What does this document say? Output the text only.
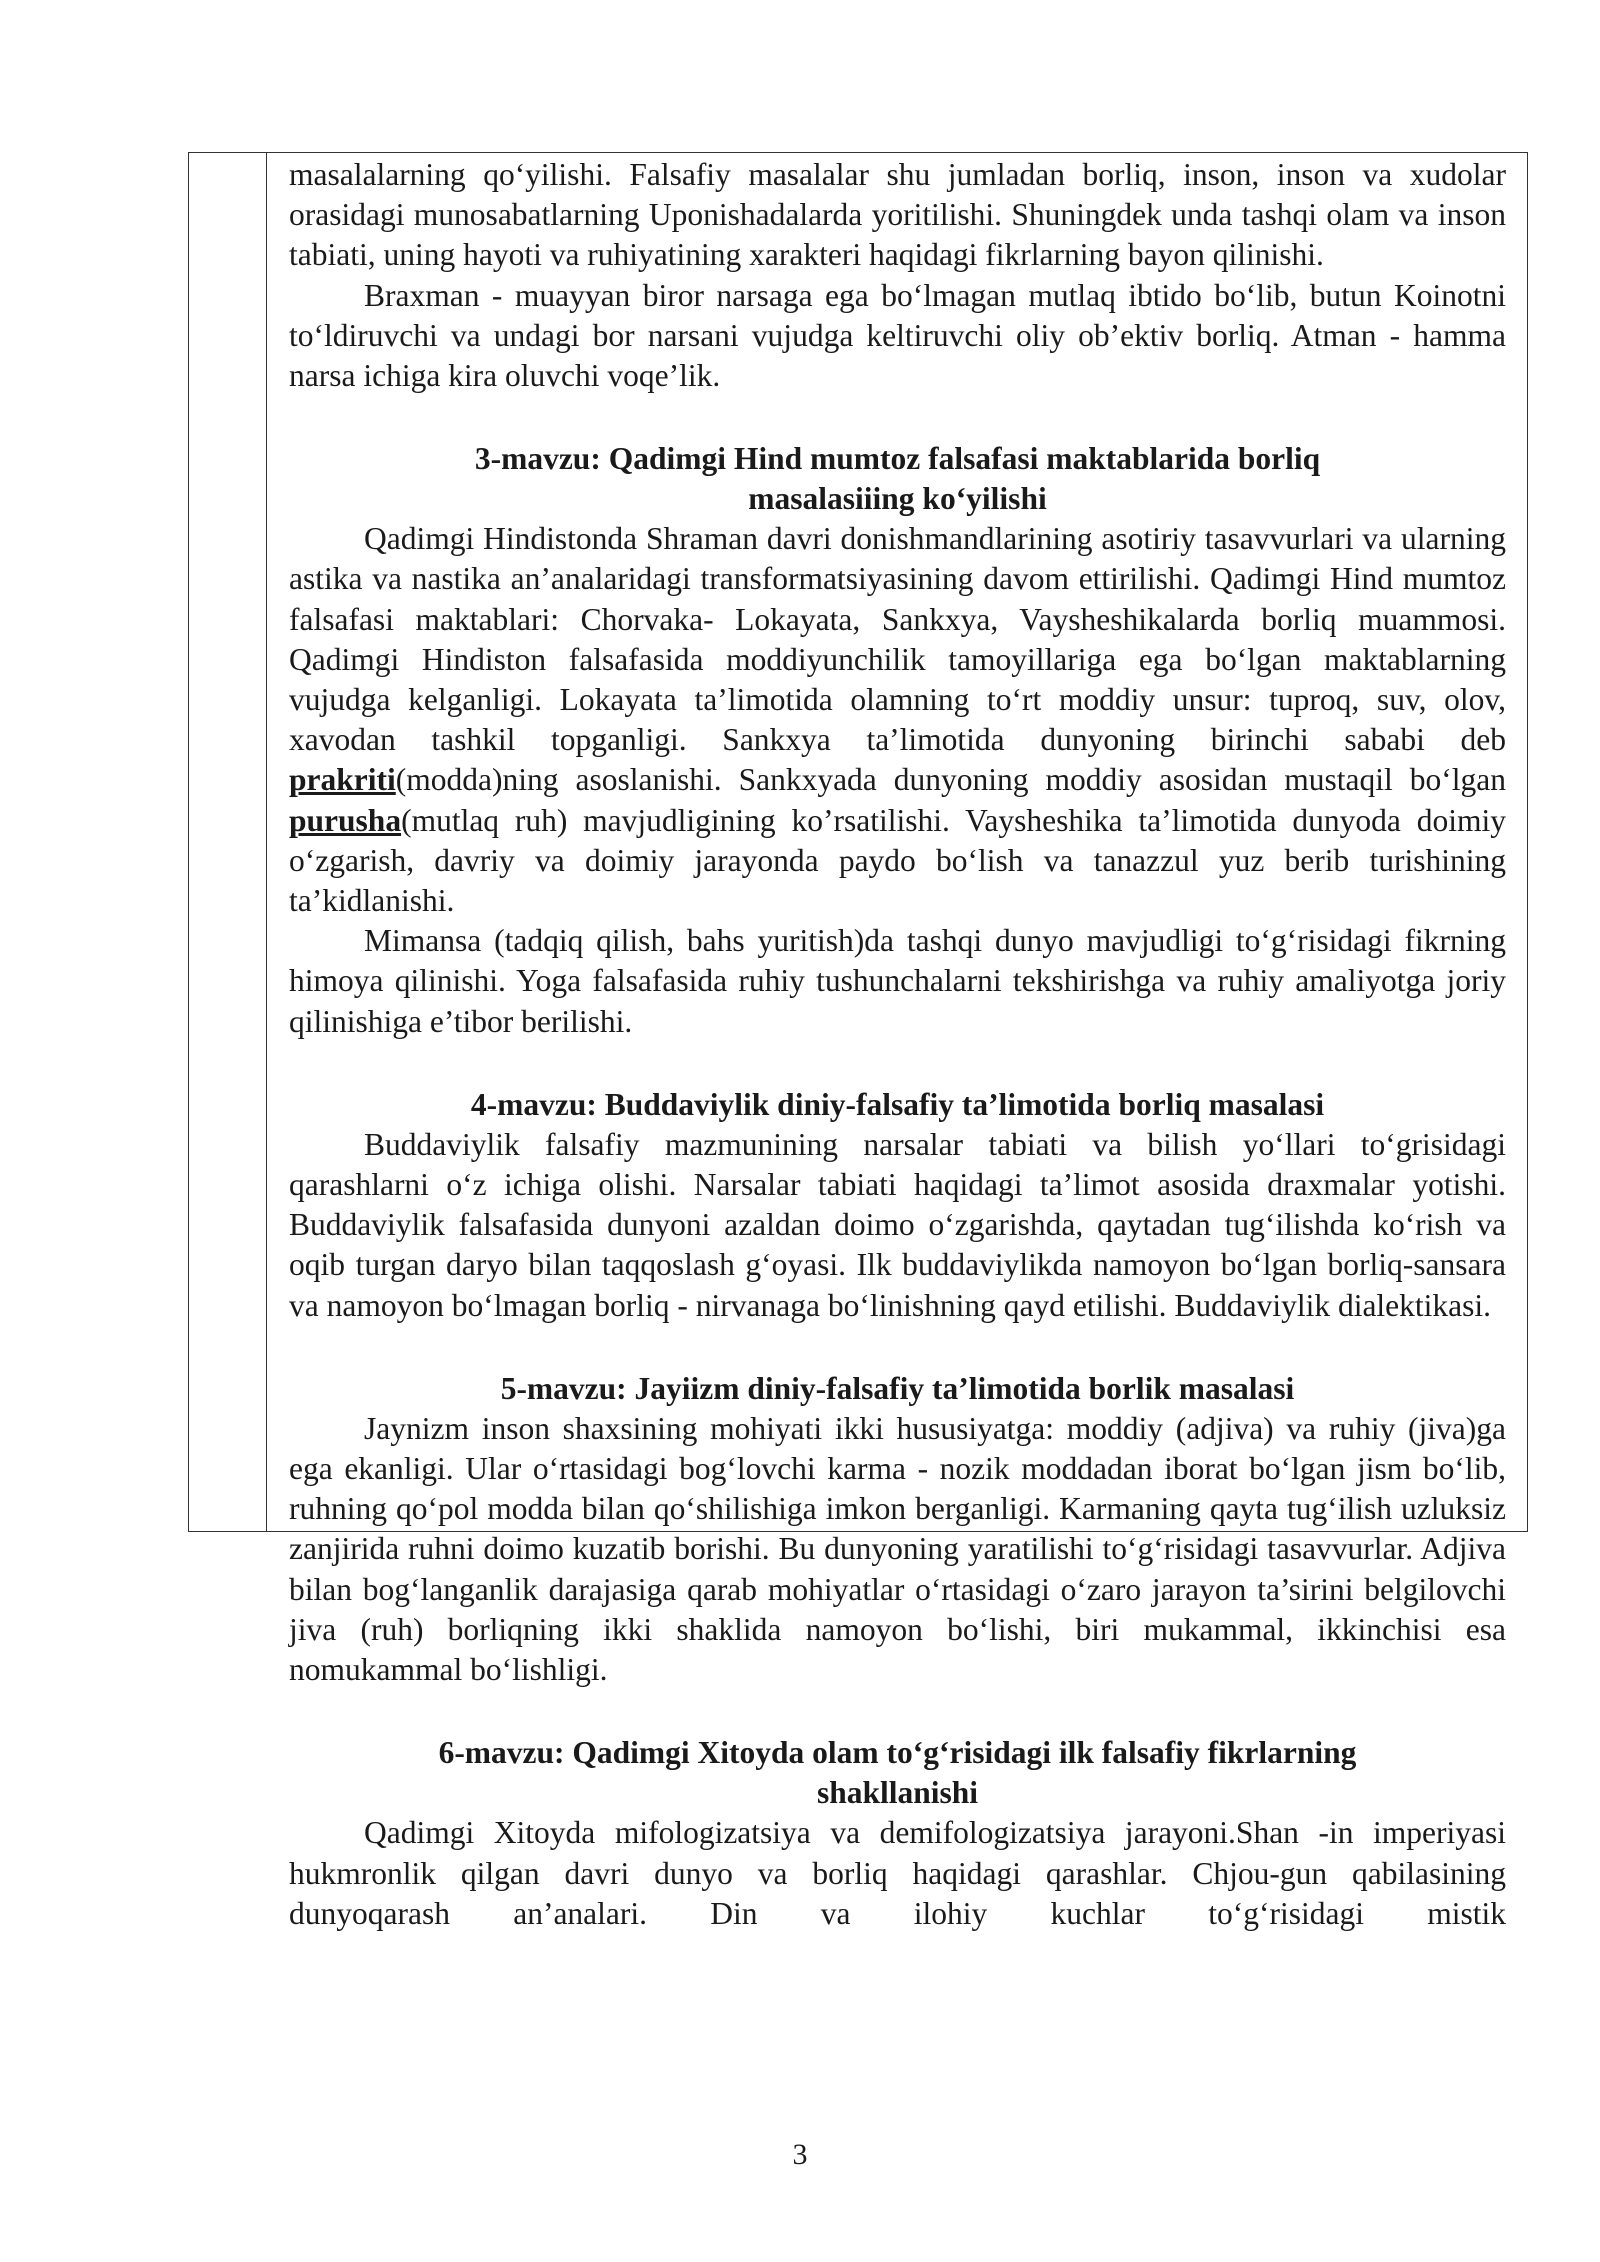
masalalarning qo‘yilishi. Falsafiy masalalar shu jumladan borliq, inson, inson va xudolar orasidagi munosabatlarning Uponishadalarda yoritilishi. Shuningdek unda tashqi olam va inson tabiati, uning hayoti va ruhiyatining xarakteri haqidagi fikrlarning bayon qilinishi.

Braxman - muayyan biror narsaga ega bo‘lmagan mutlaq ibtido bo‘lib, butun Koinotni to‘ldiruvchi va undagi bor narsani vujudga keltiruvchi oliy ob’ektiv borliq. Atman - hamma narsa ichiga kira oluvchi voqe’lik.

3-mavzu: Qadimgi Hind mumtoz falsafasi maktablarida borliq

masalasiiing ko‘yilishi

Qadimgi Hindistonda Shraman davri donishmandlarining asotiriy tasavvurlari va ularning astika va nastika an’analaridagi transformatsiyasining davom ettirilishi. Qadimgi Hind mumtoz falsafasi maktablari: Chorvaka- Lokayata, Sankxya, Vaysheshikalarda borliq muammosi. Qadimgi Hindiston falsafasida moddiyunchilik tamoyillariga ega bo‘lgan maktablarning vujudga kelganligi. Lokayata ta’limotida olamning to‘rt moddiy unsur: tuproq, suv, olov, xavodan tashkil topganligi. Sankxya ta’limotida dunyoning birinchi sababi deb prakriti(modda)ning asoslanishi. Sankxyada dunyoning moddiy asosidan mustaqil bo‘lgan purusha(mutlaq ruh) mavjudligining ko’rsatilishi. Vaysheshika ta’limotida dunyoda doimiy o‘zgarish, davriy va doimiy jarayonda paydo bo‘lish va tanazzul yuz berib turishining ta’kidlanishi.

Mimansa (tadqiq qilish, bahs yuritish)da tashqi dunyo mavjudligi to‘g‘risidagi fikrning himoya qilinishi. Yoga falsafasida ruhiy tushunchalarni tekshirishga va ruhiy amaliyotga joriy qilinishiga e’tibor berilishi.

4-mavzu: Buddaviylik diniy-falsafiy ta’limotida borliq masalasi

Buddaviylik falsafiy mazmunining narsalar tabiati va bilish yo‘llari to‘grisidagi qarashlarni o‘z ichiga olishi. Narsalar tabiati haqidagi ta’limot asosida draxmalar yotishi. Buddaviylik falsafasida dunyoni azaldan doimo o‘zgarishda, qaytadan tug‘ilishda ko‘rish va oqib turgan daryo bilan taqqoslash g‘oyasi. Ilk buddaviylikda namoyon bo‘lgan borliq-sansara va namoyon bo‘lmagan borliq - nirvanaga bo‘linishning qayd etilishi. Buddaviylik dialektikasi.

5-mavzu: Jayiizm diniy-falsafiy ta’limotida borlik masalasi

Jaynizm inson shaxsining mohiyati ikki hususiyatga: moddiy (adjiva) va ruhiy (jiva)ga ega ekanligi. Ular o‘rtasidagi bog‘lovchi karma - nozik moddadan iborat bo‘lgan jism bo‘lib, ruhning qo‘pol modda bilan qo‘shilishiga imkon berganligi. Karmaning qayta tug‘ilish uzluksiz zanjirida ruhni doimo kuzatib borishi. Bu dunyoning yaratilishi to‘g‘risidagi tasavvurlar. Adjiva bilan bog‘langanlik darajasiga qarab mohiyatlar o‘rtasidagi o‘zaro jarayon ta’sirini belgilovchi jiva (ruh) borliqning ikki shaklida namoyon bo‘lishi, biri mukammal, ikkinchisi esa nomukammal bo‘lishligi.

6-mavzu: Qadimgi Xitoyda olam to‘g‘risidagi ilk falsafiy fikrlarning

shakllanishi

Qadimgi Xitoyda mifologizatsiya va demifologizatsiya jarayoni.Shan -in imperiyasi hukmronlik qilgan davri dunyo va borliq haqidagi qarashlar. Chjou-gun qabilasining dunyoqarash an’analari. Din va ilohiy kuchlar to‘g‘risidagi mistik

3
